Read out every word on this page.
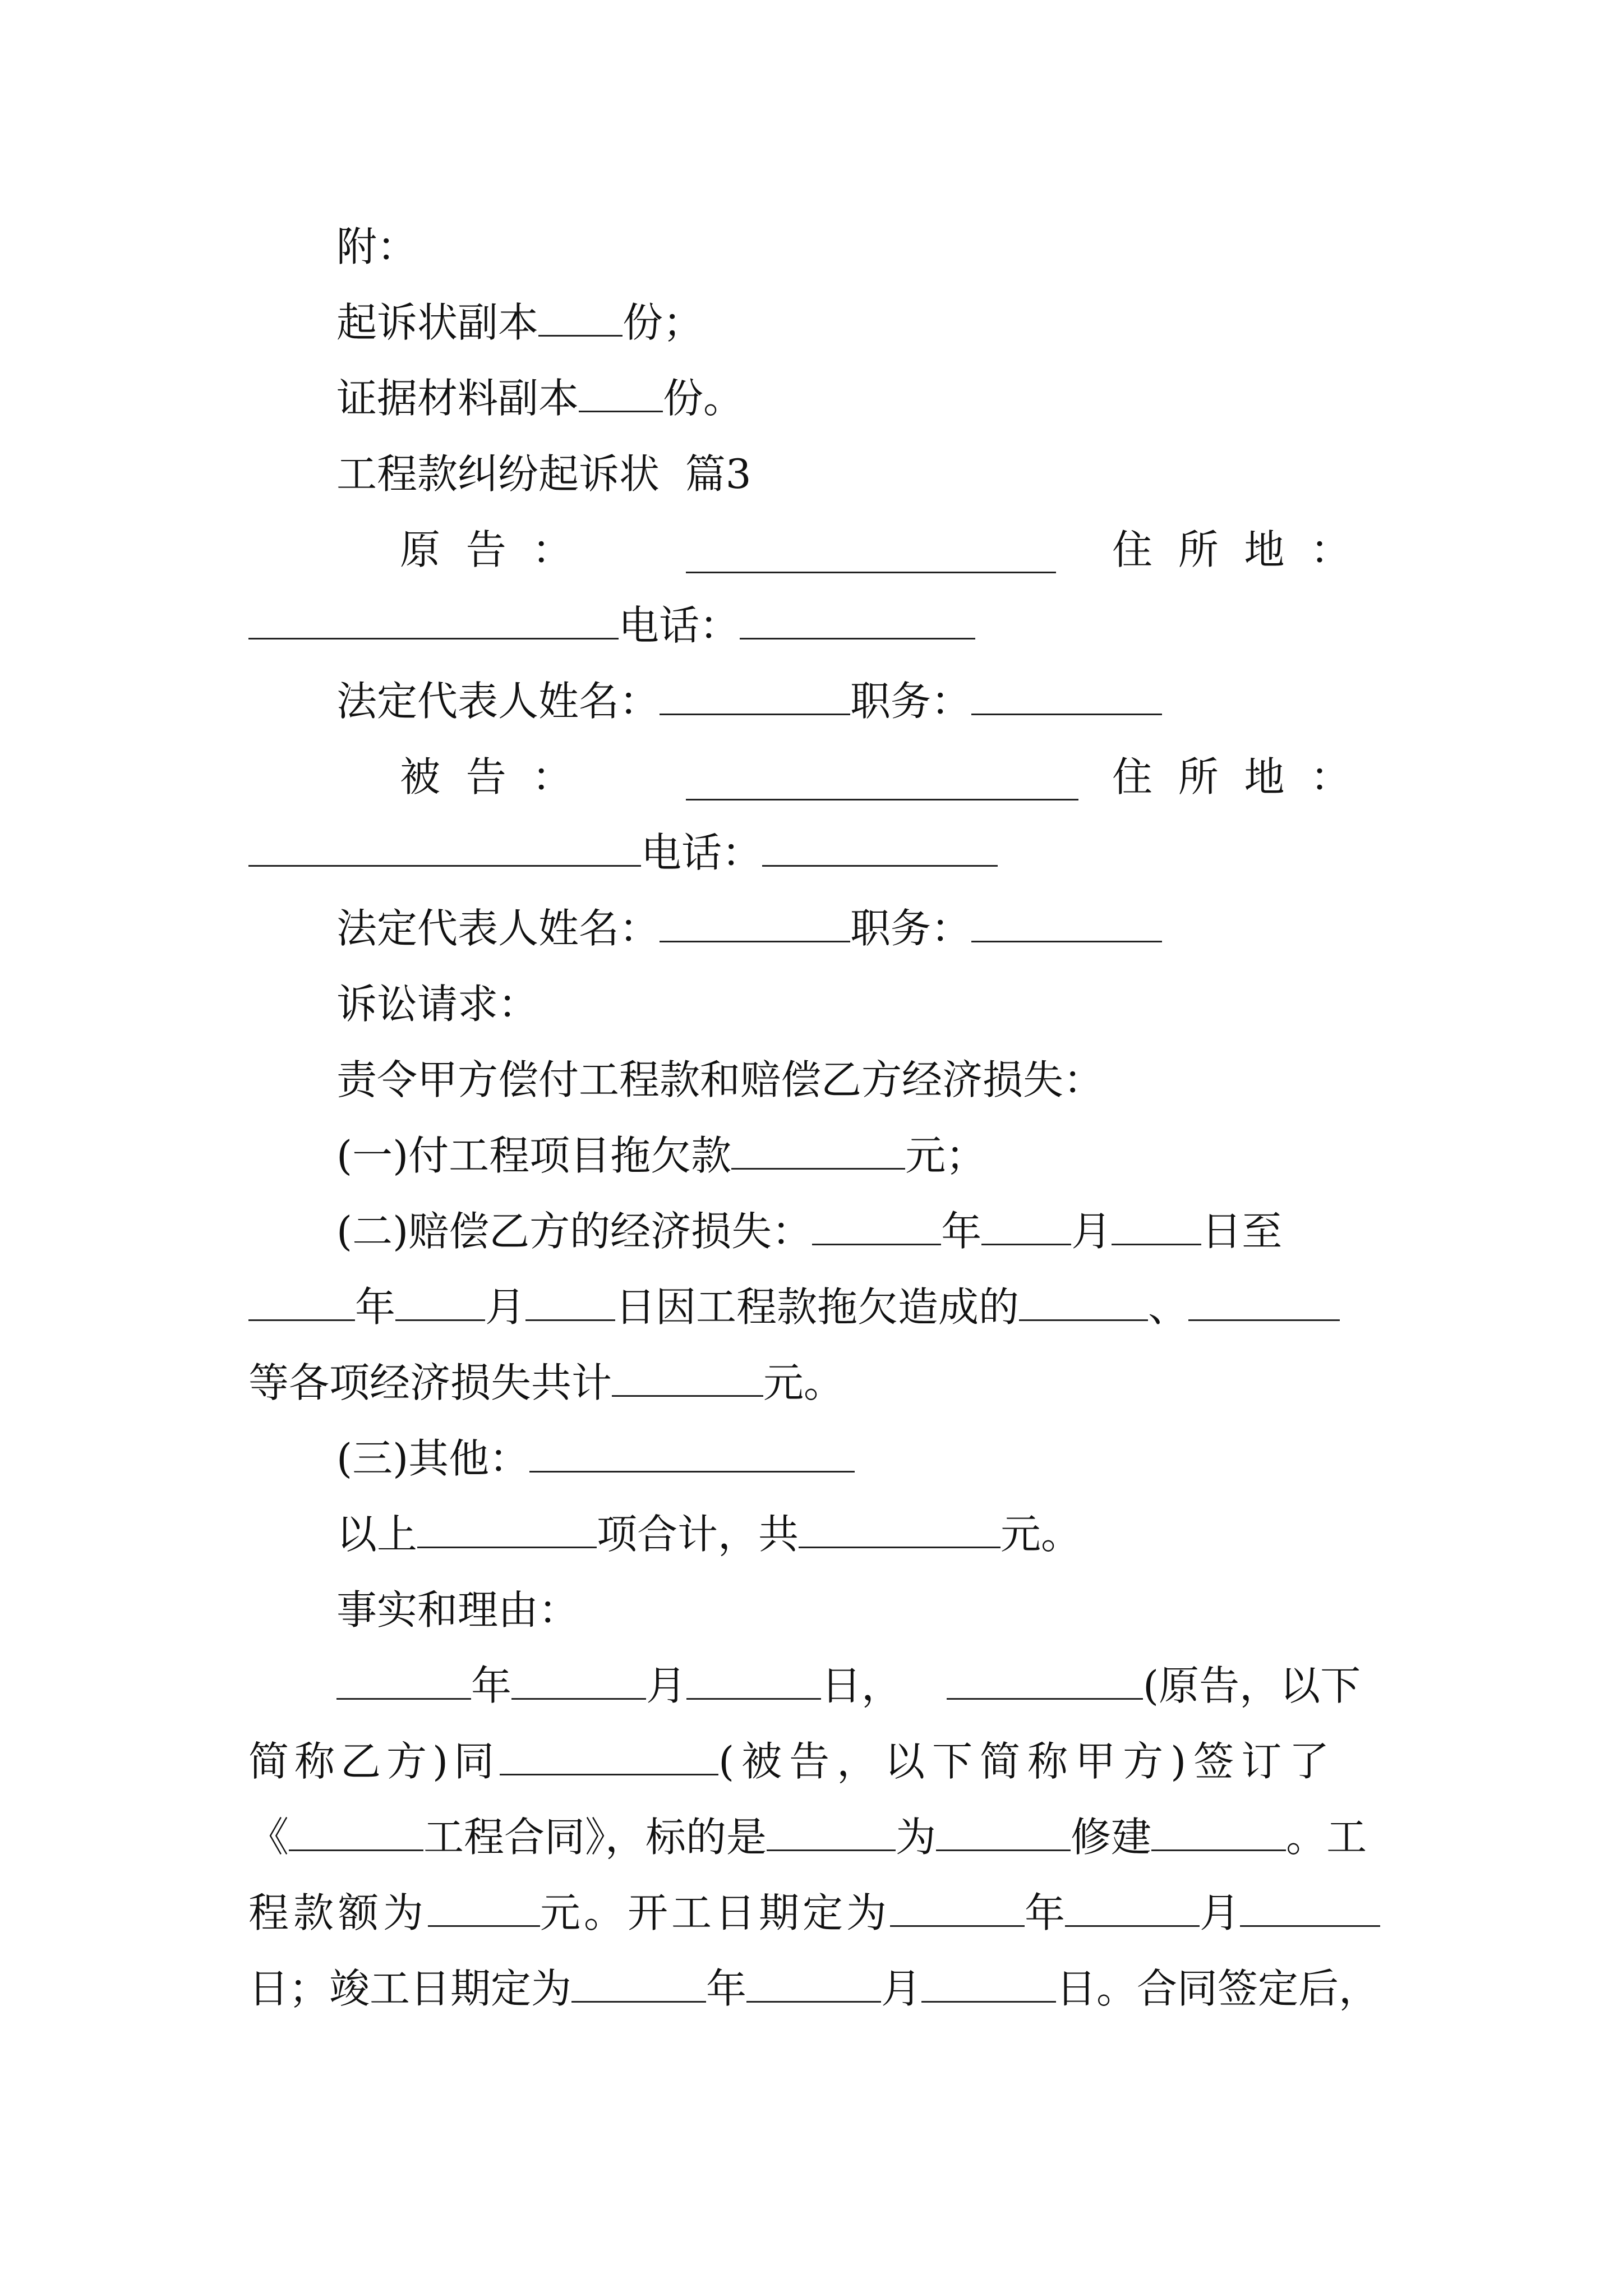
附：
起诉状副本 份；
证据材料副本 份。
工程款纠纷起诉状  篇3
原  告  ：	住  所  地  ：
电话：
法定代表人姓名：	职务：
被  告  ：	住  所  地  ：
电话：
法定代表人姓名：	职务：
诉讼请求：
责令甲方偿付工程款和赔偿乙方经济损失：
(一)付工程项目拖欠款	元；
(二)赔偿乙方的经济损失：	年 月 日至
年 月 日因工程款拖欠造成的	、
等各项经济损失共计	元。
(三)其他：
以上	项合计，共	元。
事实和理由：
年	月	日，	(原告，以下
简称乙方)同	(被告，以下简称甲方)签订了
《	工程合同》，标的是	为	修建	。工
程款额为	元。开工日期定为	年	月
日；竣工日期定为	年	月	日。合同签定后，
